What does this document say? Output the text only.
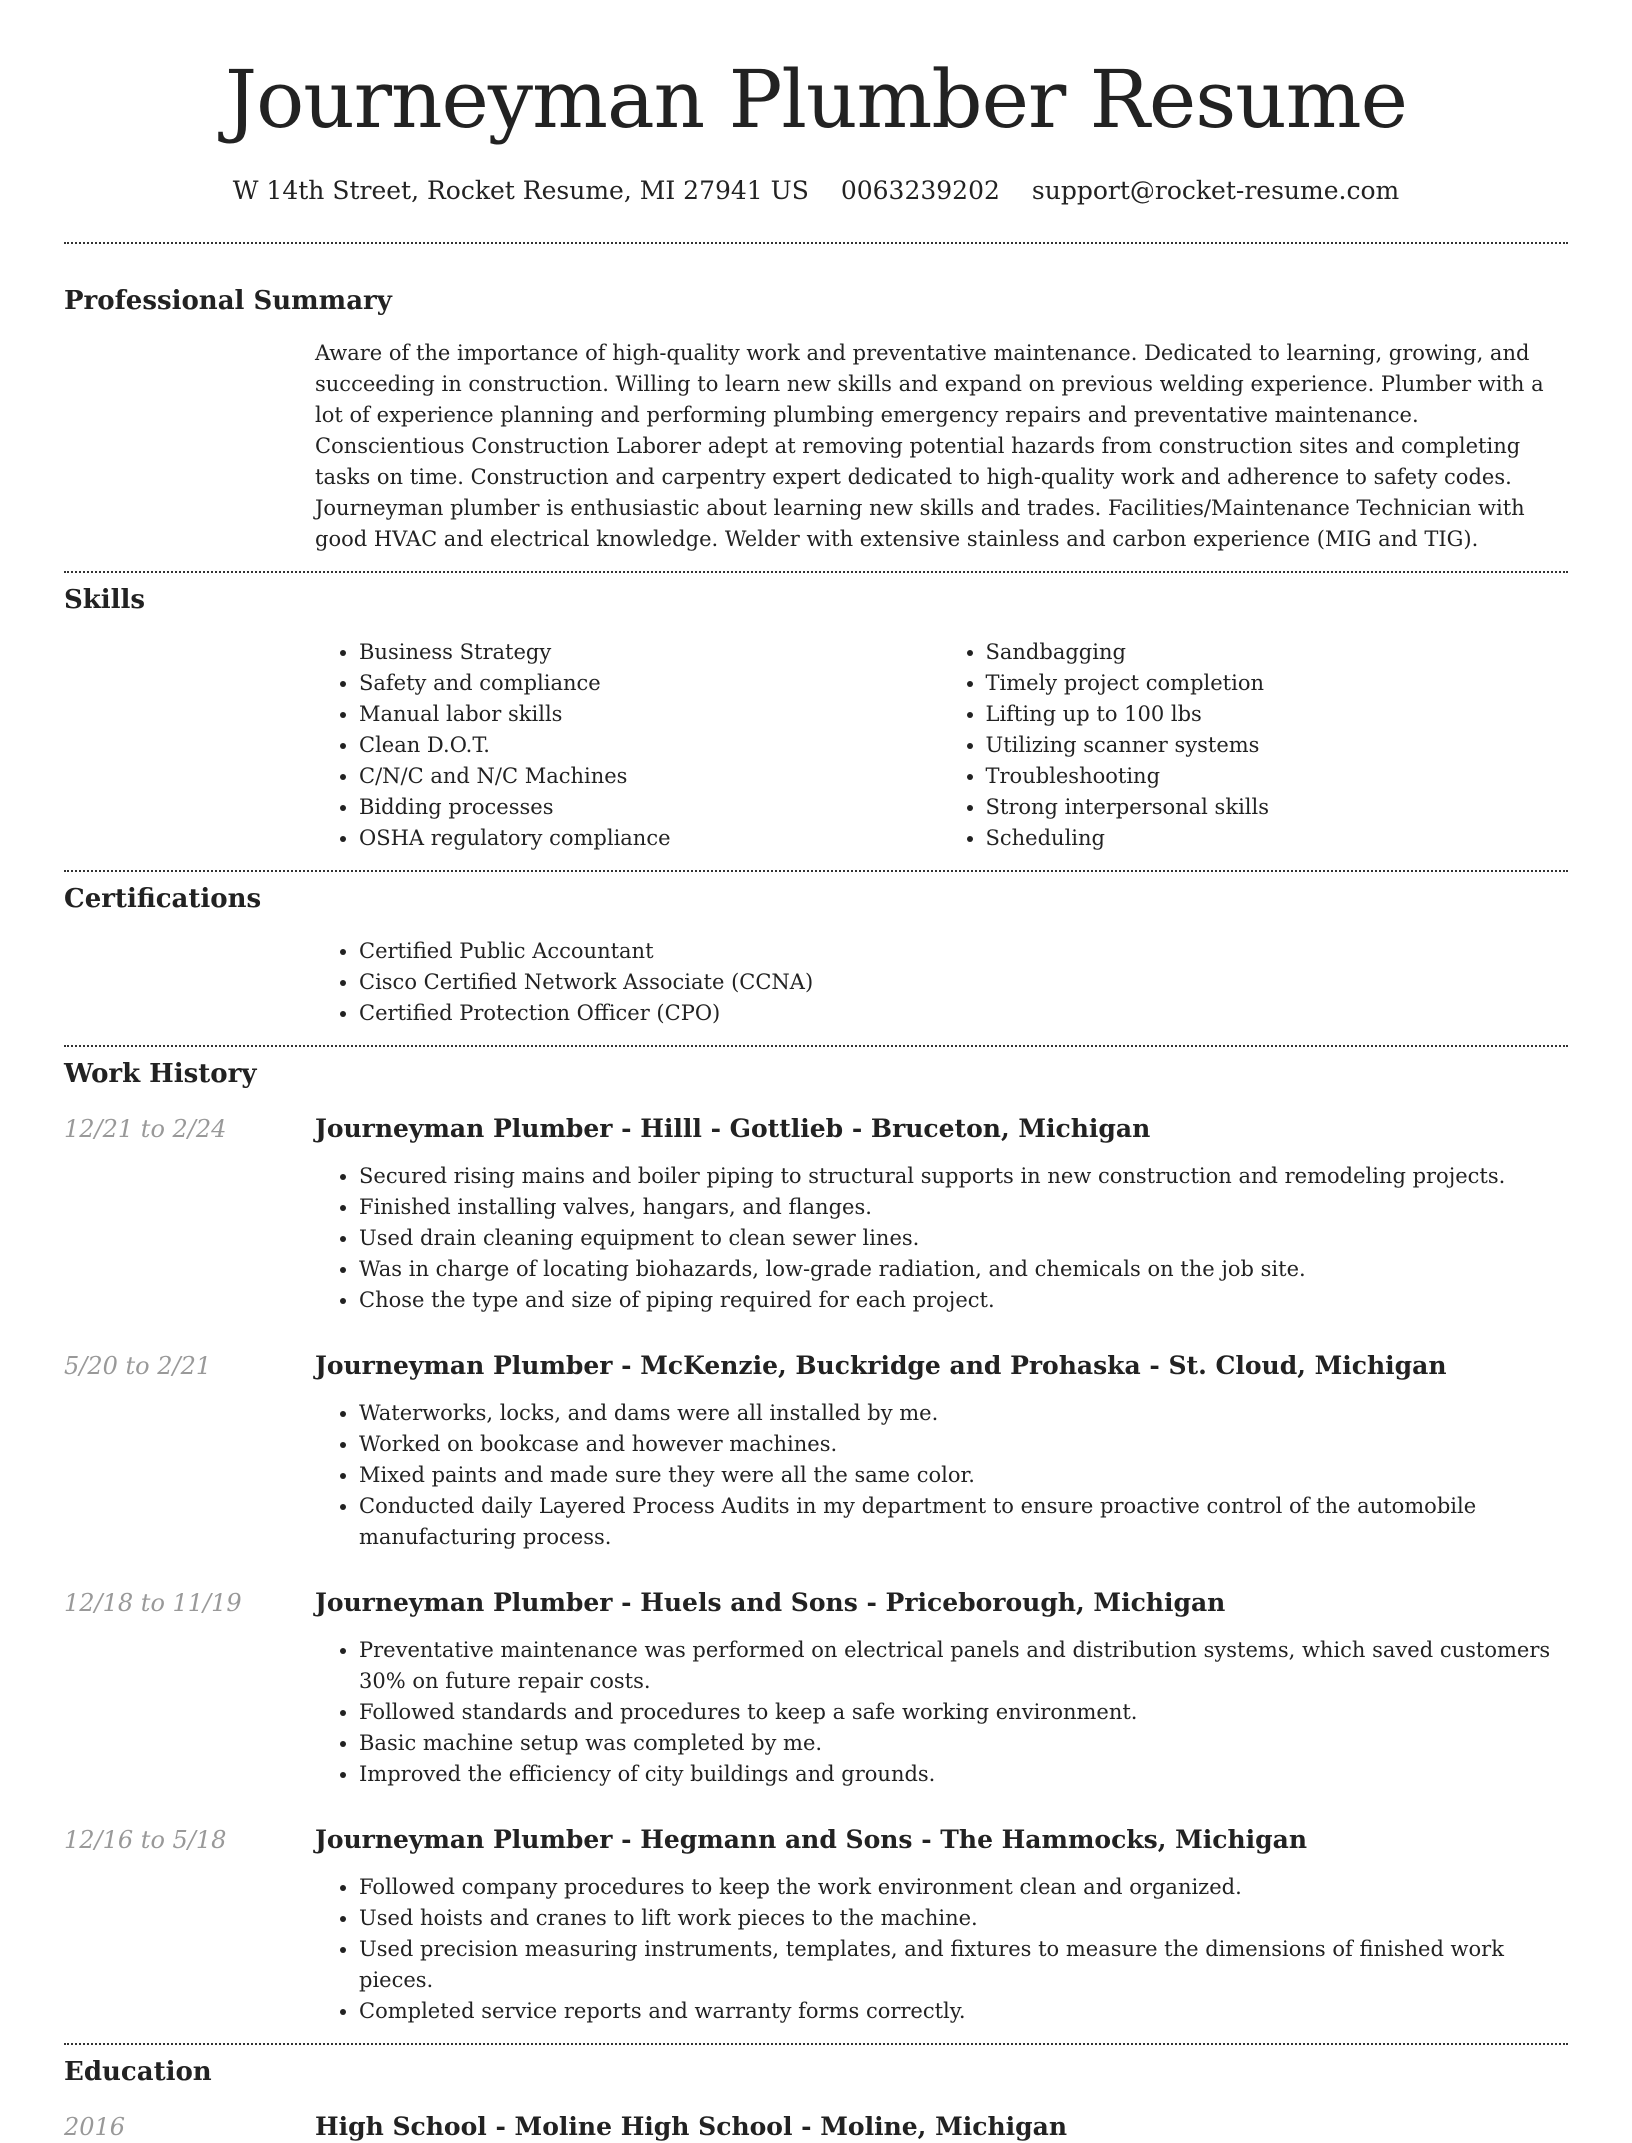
Journeyman Plumber Resume
W 14th Street, Rocket Resume, MI 27941 US 0063239202 support@rocket-resume.com
Professional Summary

Aware of the importance of high-quality work and preventative maintenance. Dedicated to learning, growing, and succeeding in construction. Willing to learn new skills and expand on previous welding experience. Plumber with a lot of experience planning and performing plumbing emergency repairs and preventative maintenance. Conscientious Construction Laborer adept at removing potential hazards from construction sites and completing tasks on time. Construction and carpentry expert dedicated to high-quality work and adherence to safety codes. Journeyman plumber is enthusiastic about learning new skills and trades. Facilities/Maintenance Technician with good HVAC and electrical knowledge. Welder with extensive stainless and carbon experience (MIG and TIG).

Skills
• Business Strategy
• Safety and compliance
• Manual labor skills
• Clean D.O.T.
• C/N/C and N/C Machines
• Bidding processes
• OSHA regulatory compliance
• Sandbagging
• Timely project completion
• Lifting up to 100 lbs
• Utilizing scanner systems
• Troubleshooting
• Strong interpersonal skills
• Scheduling
Certifications
• Certified Public Accountant
• Cisco Certified Network Associate (CCNA)
• Certified Protection Officer (CPO)
Work History
12/21 to 2/24	Journeyman Plumber - Hilll - Gottlieb - Bruceton, Michigan
• Secured rising mains and boiler piping to structural supports in new construction and remodeling projects.
• Finished installing valves, hangars, and flanges.
• Used drain cleaning equipment to clean sewer lines.
• Was in charge of locating biohazards, low-grade radiation, and chemicals on the job site.
• Chose the type and size of piping required for each project.
5/20 to 2/21	Journeyman Plumber - McKenzie, Buckridge and Prohaska - St. Cloud, Michigan
• Waterworks, locks, and dams were all installed by me.
• Worked on bookcase and however machines.
• Mixed paints and made sure they were all the same color.
• Conducted daily Layered Process Audits in my department to ensure proactive control of the automobile manufacturing process.
12/18 to 11/19	Journeyman Plumber - Huels and Sons - Priceborough, Michigan
• Preventative maintenance was performed on electrical panels and distribution systems, which saved customers 30% on future repair costs.
• Followed standards and procedures to keep a safe working environment.
• Basic machine setup was completed by me.
• Improved the efficiency of city buildings and grounds.
12/16 to 5/18	Journeyman Plumber - Hegmann and Sons - The Hammocks, Michigan
• Followed company procedures to keep the work environment clean and organized.
• Used hoists and cranes to lift work pieces to the machine.
• Used precision measuring instruments, templates, and fixtures to measure the dimensions of finished work pieces.
• Completed service reports and warranty forms correctly.
Education
2016	High School - Moline High School - Moline, Michigan
